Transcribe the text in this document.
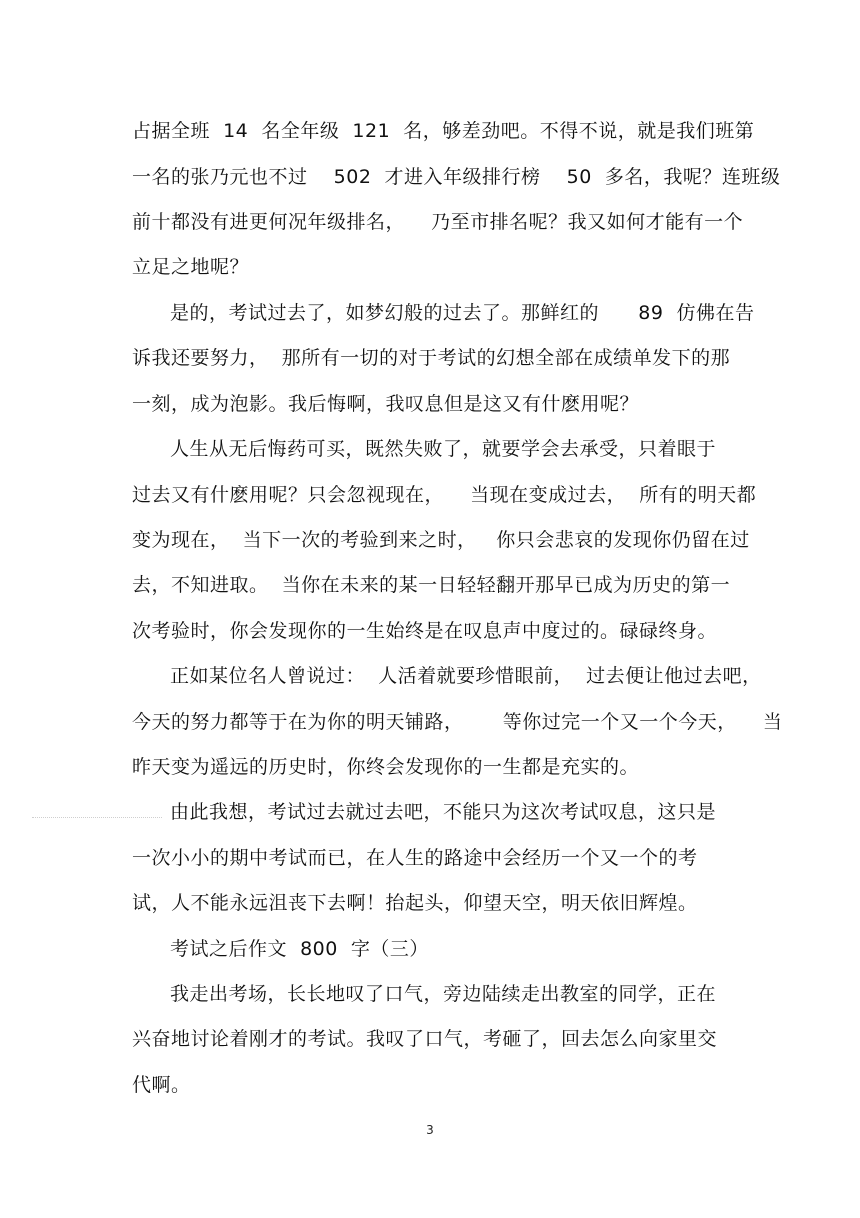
占据全班  14  名全年级  121  名，够差劲吧。不得不说，就是我们班第
一名的张乃元也不过    502  才进入年级排行榜    50  多名，我呢？连班级
前十都没有进更何况年级排名，    乃至市排名呢？我又如何才能有一个
立足之地呢？
是的，考试过去了，如梦幻般的过去了。那鲜红的      89  仿佛在告
诉我还要努力，  那所有一切的对于考试的幻想全部在成绩单发下的那
一刻，成为泡影。我后悔啊，我叹息但是这又有什麽用呢？
人生从无后悔药可买，既然失败了，就要学会去承受，只着眼于
过去又有什麽用呢？只会忽视现在，    当现在变成过去，  所有的明天都
变为现在，  当下一次的考验到来之时，   你只会悲哀的发现你仍留在过
去，不知进取。  当你在未来的某一日轻轻翻开那早已成为历史的第一
次考验时，你会发现你的一生始终是在叹息声中度过的。碌碌终身。
正如某位名人曾说过：  人活着就要珍惜眼前，  过去便让他过去吧，
今天的努力都等于在为你的明天铺路，      等你过完一个又一个今天，    当
昨天变为遥远的历史时，你终会发现你的一生都是充实的。
由此我想，考试过去就过去吧，不能只为这次考试叹息，这只是
一次小小的期中考试而已，在人生的路途中会经历一个又一个的考
试，人不能永远沮丧下去啊！抬起头，仰望天空，明天依旧辉煌。
考试之后作文  800  字（三）
我走出考场，长长地叹了口气，旁边陆续走出教室的同学，正在
兴奋地讨论着刚才的考试。我叹了口气，考砸了，回去怎么向家里交
代啊。
3
